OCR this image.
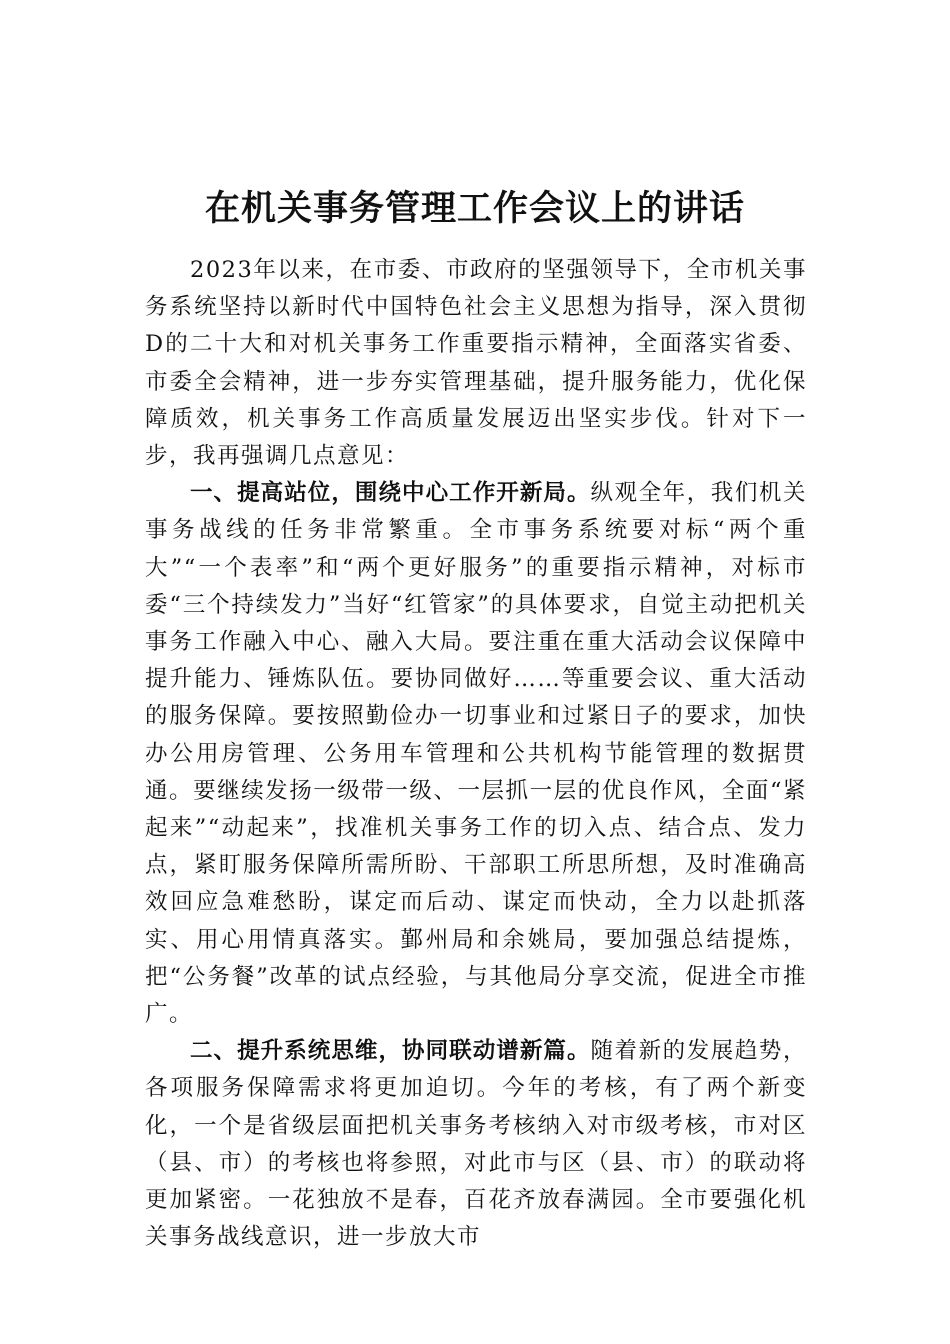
在机关事务管理工作会议上的讲话

2023年以来，在市委、市政府的坚强领导下，全市机关事务系统坚持以新时代中国特色社会主义思想为指导，深入贯彻D的二十大和对机关事务工作重要指示精神，全面落实省委、市委全会精神，进一步夯实管理基础，提升服务能力，优化保障质效，机关事务工作高质量发展迈出坚实步伐。针对下一步，我再强调几点意见：

一、提高站位，围绕中心工作开新局。纵观全年，我们机关事务战线的任务非常繁重。全市事务系统要对标“两个重大”“一个表率”和“两个更好服务”的重要指示精神，对标市委“三个持续发力”当好“红管家”的具体要求，自觉主动把机关事务工作融入中心、融入大局。要注重在重大活动会议保障中提升能力、锤炼队伍。要协同做好……等重要会议、重大活动的服务保障。要按照勤俭办一切事业和过紧日子的要求，加快办公用房管理、公务用车管理和公共机构节能管理的数据贯通。要继续发扬一级带一级、一层抓一层的优良作风，全面“紧起来”“动起来”，找准机关事务工作的切入点、结合点、发力点，紧盯服务保障所需所盼、干部职工所思所想，及时准确高效回应急难愁盼，谋定而后动、谋定而快动，全力以赴抓落实、用心用情真落实。鄞州局和余姚局，要加强总结提炼，把“公务餐”改革的试点经验，与其他局分享交流，促进全市推广。

二、提升系统思维，协同联动谱新篇。随着新的发展趋势，各项服务保障需求将更加迫切。今年的考核，有了两个新变化，一个是省级层面把机关事务考核纳入对市级考核，市对区（县、市）的考核也将参照，对此市与区（县、市）的联动将更加紧密。一花独放不是春，百花齐放春满园。全市要强化机关事务战线意识，进一步放大市
